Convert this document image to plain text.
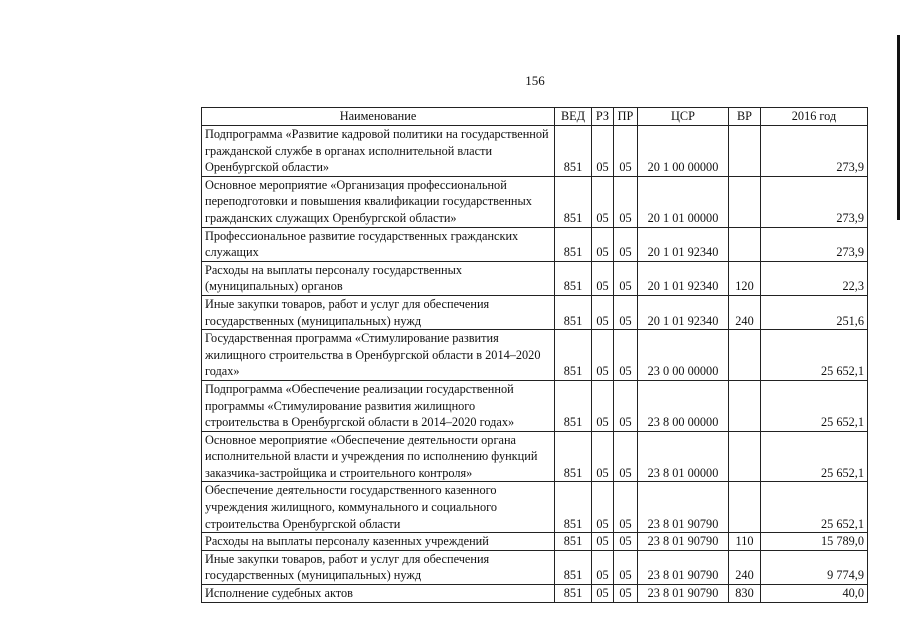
156
Наименование	ВЕД	РЗ	ПР	ЦСР	ВР	2016 год
Подпрограмма «Развитие кадровой политики на государственной гражданской службе в органах исполнительной власти Оренбургской области»	851	05	05	20 1 00 00000		273,9
Основное мероприятие «Организация профессиональной переподготовки и повышения квалификации государственных гражданских служащих Оренбургской области»	851	05	05	20 1 01 00000		273,9
Профессиональное развитие государственных гражданских служащих	851	05	05	20 1 01 92340		273,9
Расходы на выплаты персоналу государственных (муниципальных) органов	851	05	05	20 1 01 92340	120	22,3
Иные закупки товаров, работ и услуг для обеспечения государственных (муниципальных) нужд	851	05	05	20 1 01 92340	240	251,6
Государственная программа «Стимулирование развития жилищного строительства в Оренбургской области в 2014–2020 годах»	851	05	05	23 0 00 00000		25 652,1
Подпрограмма «Обеспечение реализации государственной программы «Стимулирование развития жилищного строительства в Оренбургской области в 2014–2020 годах»	851	05	05	23 8 00 00000		25 652,1
Основное мероприятие «Обеспечение деятельности органа исполнительной власти и учреждения по исполнению функций заказчика-застройщика и строительного контроля»	851	05	05	23 8 01 00000		25 652,1
Обеспечение деятельности государственного казенного учреждения жилищного, коммунального и социального строительства Оренбургской области	851	05	05	23 8 01 90790		25 652,1
Расходы на выплаты персоналу казенных учреждений	851	05	05	23 8 01 90790	110	15 789,0
Иные закупки товаров, работ и услуг для обеспечения государственных (муниципальных) нужд	851	05	05	23 8 01 90790	240	9 774,9
Исполнение судебных актов	851	05	05	23 8 01 90790	830	40,0
